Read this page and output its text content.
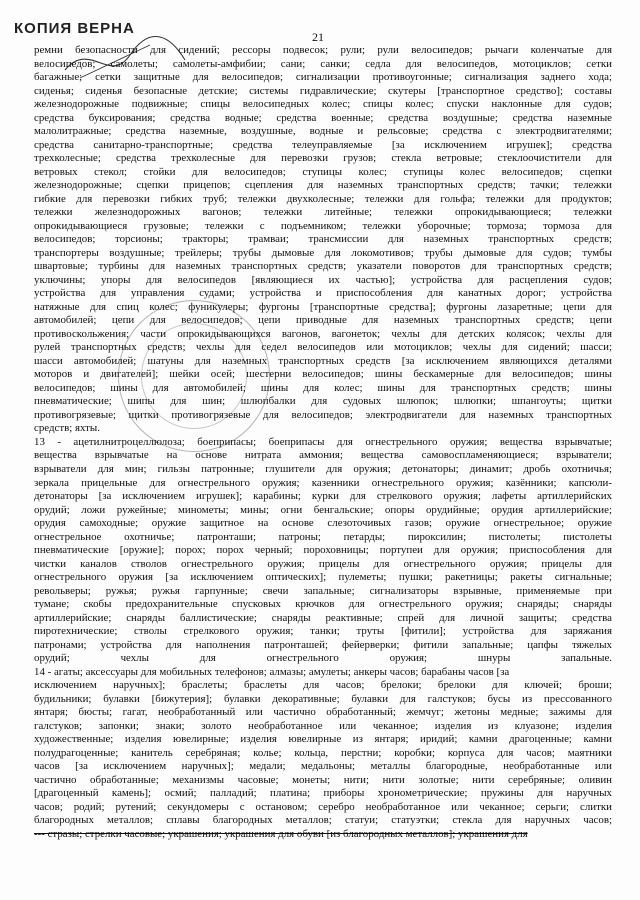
КОПИЯ ВЕРНА	21
ремни безопасности для сидений; рессоры подвесок; рули; рули велосипедов; рычаги коленчатые для
велосипедов; самолеты; самолеты-амфибии; сани; санки; седла для велосипедов, мотоциклов; сетки
багажные; сетки защитные для велосипедов; сигнализации противоугонные; сигнализация заднего хода;
сиденья; сиденья безопасные детские; системы гидравлические; скутеры [транспортное средство]; составы
железнодорожные подвижные; спицы велосипедных колес; спицы колес; спуски наклонные для судов;
средства буксирования; средства водные; средства военные; средства воздушные; средства наземные
малолитражные; средства наземные, воздушные, водные и рельсовые; средства с электродвигателями;
средства санитарно-транспортные; средства телеуправляемые [за исключением игрушек]; средства
трехколесные; средства трехколесные для перевозки грузов; стекла ветровые; стеклоочистители для
ветровых стекол; стойки для велосипедов; ступицы колес; ступицы колес велосипедов; сцепки
железнодорожные; сцепки прицепов; сцепления для наземных транспортных средств; тачки; тележки
гибкие для перевозки гибких труб; тележки двухколесные; тележки для гольфа; тележки для продуктов;
тележки железнодорожных вагонов; тележки литейные; тележки опрокидывающиеся; тележки
опрокидывающиеся грузовые; тележки с подъемником; тележки уборочные; тормоза; тормоза для
велосипедов; торсионы; тракторы; трамваи; трансмиссии для наземных транспортных средств;
транспортеры воздушные; трейлеры; трубы дымовые для локомотивов; трубы дымовые для судов; тумбы
швартовые; турбины для наземных транспортных средств; указатели поворотов для транспортных средств;
уключины; упоры для велосипедов [являющиеся их частью]; устройства для расцепления судов;
устройства для управления судами; устройства и приспособления для канатных дорог; устройства
натяжные для спиц колес; фуникулеры; фургоны [транспортные средства]; фургоны лазаретные; цепи для
автомобилей; цепи для велосипедов; цепи приводные для наземных транспортных средств; цепи
противоскольжения; части опрокидывающихся вагонов, вагонеток; чехлы для детских колясок; чехлы для
рулей транспортных средств; чехлы для седел велосипедов или мотоциклов; чехлы для сидений; шасси;
шасси автомобилей; шатуны для наземных транспортных средств [за исключением являющихся деталями
моторов и двигателей]; шейки осей; шестерни велосипедов; шины бескамерные для велосипедов; шины
велосипедов; шины для автомобилей; шины для колес; шины для транспортных средств; шины
пневматические; шипы для шин; шлюпбалки для судовых шлюпок; шлюпки; шпангоуты; щитки
противогрязевые; щитки противогрязевые для велосипедов; электродвигатели для наземных транспортных
средств; яхты.
13 - ацетилнитроцеллюлоза; боеприпасы; боеприпасы для огнестрельного оружия; вещества взрывчатые;
вещества взрывчатые на основе нитрата аммония; вещества самовоспламеняющиеся; взрыватели;
взрыватели для мин; гильзы патронные; глушители для оружия; детонаторы; динамит; дробь охотничья;
зеркала прицельные для огнестрельного оружия; казенники огнестрельного оружия; казённики; капсюли-
детонаторы [за исключением игрушек]; карабины; курки для стрелкового оружия; лафеты артиллерийских
орудий; ложи ружейные; минометы; мины; огни бенгальские; опоры орудийные; орудия артиллерийские;
орудия самоходные; оружие защитное на основе слезоточивых газов; оружие огнестрельное; оружие
огнестрельное охотничье; патронташи; патроны; петарды; пироксилин; пистолеты; пистолеты
пневматические [оружие]; порох; порох черный; пороховницы; портупеи для оружия; приспособления для
чистки каналов стволов огнестрельного оружия; прицелы для огнестрельного оружия; прицелы для
огнестрельного оружия [за исключением оптических]; пулеметы; пушки; ракетницы; ракеты сигнальные;
револьверы; ружья; ружья гарпунные; свечи запальные; сигнализаторы взрывные, применяемые при
тумане; скобы предохранительные спусковых крючков для огнестрельного оружия; снаряды; снаряды
артиллерийские; снаряды баллистические; снаряды реактивные; спрей для личной защиты; средства
пиротехнические; стволы стрелкового оружия; танки; труты [фитили]; устройства для заряжания
патронами; устройства для наполнения патронташей; фейерверки; фитили запальные; цапфы тяжелых
орудий; чехлы для огнестрельного оружия; шнуры запальные.
14 - агаты; аксессуары для мобильных телефонов; алмазы; амулеты; анкеры часов; барабаны часов [за
исключением наручных]; браслеты; браслеты для часов; брелоки; брелоки для ключей; броши;
будильники; булавки [бижутерия]; булавки декоративные; булавки для галстуков; бусы из прессованного
янтаря; бюсты; гагат, необработанный или частично обработанный; жемчуг; жетоны медные; зажимы для
галстуков; запонки; знаки; золото необработанное или чеканное; изделия из клуазоне; изделия
художественные; изделия ювелирные; изделия ювелирные из янтаря; иридий; камни драгоценные; камни
полудрагоценные; канитель серебряная; колье; кольца, перстни; коробки; корпуса для часов; маятники
часов [за исключением наручных]; медали; медальоны; металлы благородные, необработанные или
частично обработанные; механизмы часовые; монеты; нити; нити золотые; нити серебряные; оливин
[драгоценный камень]; осмий; палладий; платина; приборы хронометрические; пружины для наручных
часов; родий; рутений; секундомеры с остановом; серебро необработанное или чеканное; серьги; слитки
благородных металлов; сплавы благородных металлов; статуи; статуэтки; стекла для наручных часов;
--- стразы; стрелки часовые; украшения; украшения для обуви [из благородных металлов]; украшения для
